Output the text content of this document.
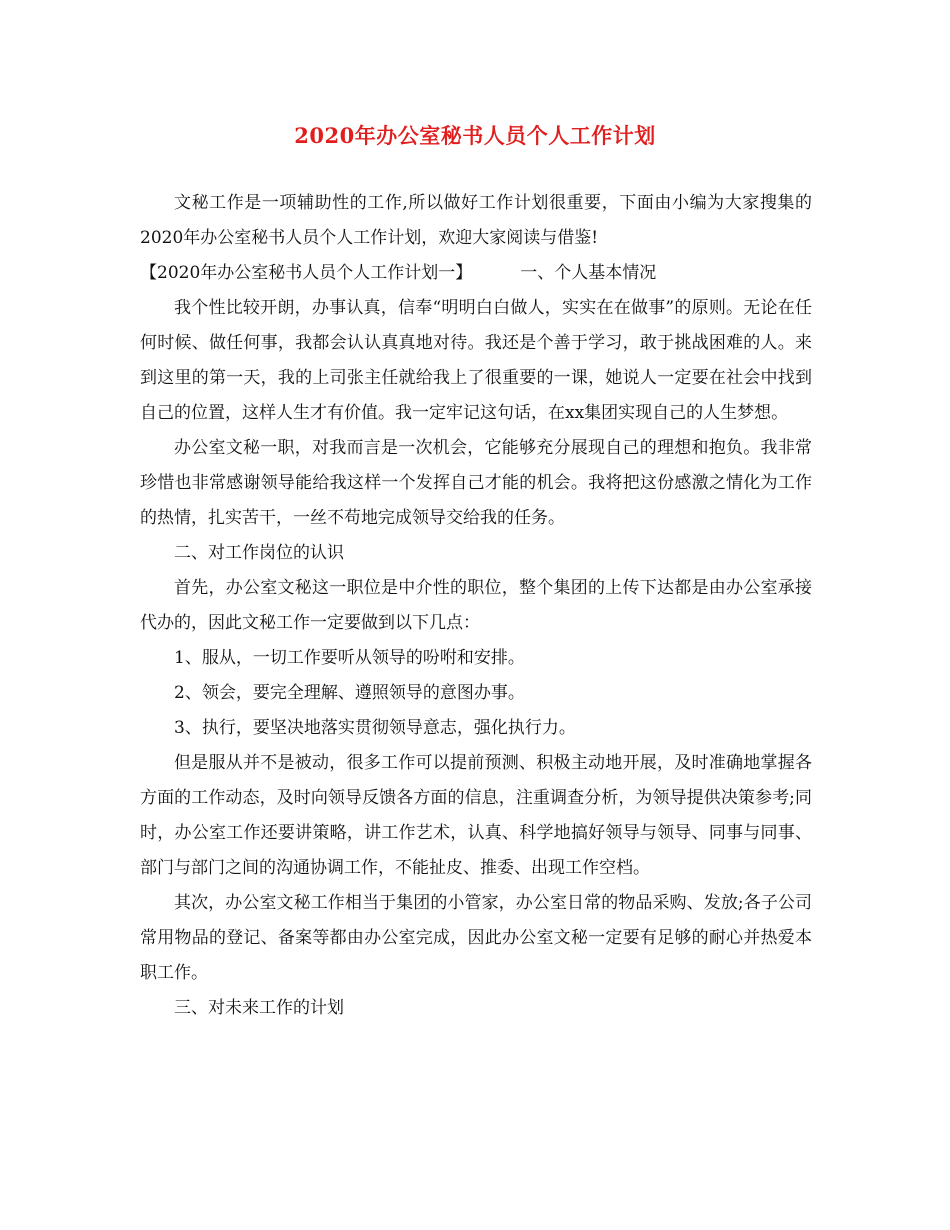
2020年办公室秘书人员个人工作计划

文秘工作是一项辅助性的工作,所以做好工作计划很重要，下面由小编为大家搜集的2020年办公室秘书人员个人工作计划，欢迎大家阅读与借鉴!

【2020年办公室秘书人员个人工作计划一】	一、个人基本情况

我个性比较开朗，办事认真，信奉“明明白白做人，实实在在做事”的原则。无论在任何时候、做任何事，我都会认认真真地对待。我还是个善于学习，敢于挑战困难的人。来到这里的第一天，我的上司张主任就给我上了很重要的一课，她说人一定要在社会中找到自己的位置，这样人生才有价值。我一定牢记这句话，在xx集团实现自己的人生梦想。

办公室文秘一职，对我而言是一次机会，它能够充分展现自己的理想和抱负。我非常珍惜也非常感谢领导能给我这样一个发挥自己才能的机会。我将把这份感激之情化为工作的热情，扎实苦干，一丝不苟地完成领导交给我的任务。

二、对工作岗位的认识

首先，办公室文秘这一职位是中介性的职位，整个集团的上传下达都是由办公室承接代办的，因此文秘工作一定要做到以下几点：

1、服从，一切工作要听从领导的吩咐和安排。

2、领会，要完全理解、遵照领导的意图办事。

3、执行，要坚决地落实贯彻领导意志，强化执行力。

但是服从并不是被动，很多工作可以提前预测、积极主动地开展，及时准确地掌握各方面的工作动态，及时向领导反馈各方面的信息，注重调查分析，为领导提供决策参考;同时，办公室工作还要讲策略，讲工作艺术，认真、科学地搞好领导与领导、同事与同事、部门与部门之间的沟通协调工作，不能扯皮、推委、出现工作空档。

其次，办公室文秘工作相当于集团的小管家，办公室日常的物品采购、发放;各子公司常用物品的登记、备案等都由办公室完成，因此办公室文秘一定要有足够的耐心并热爱本职工作。

三、对未来工作的计划
